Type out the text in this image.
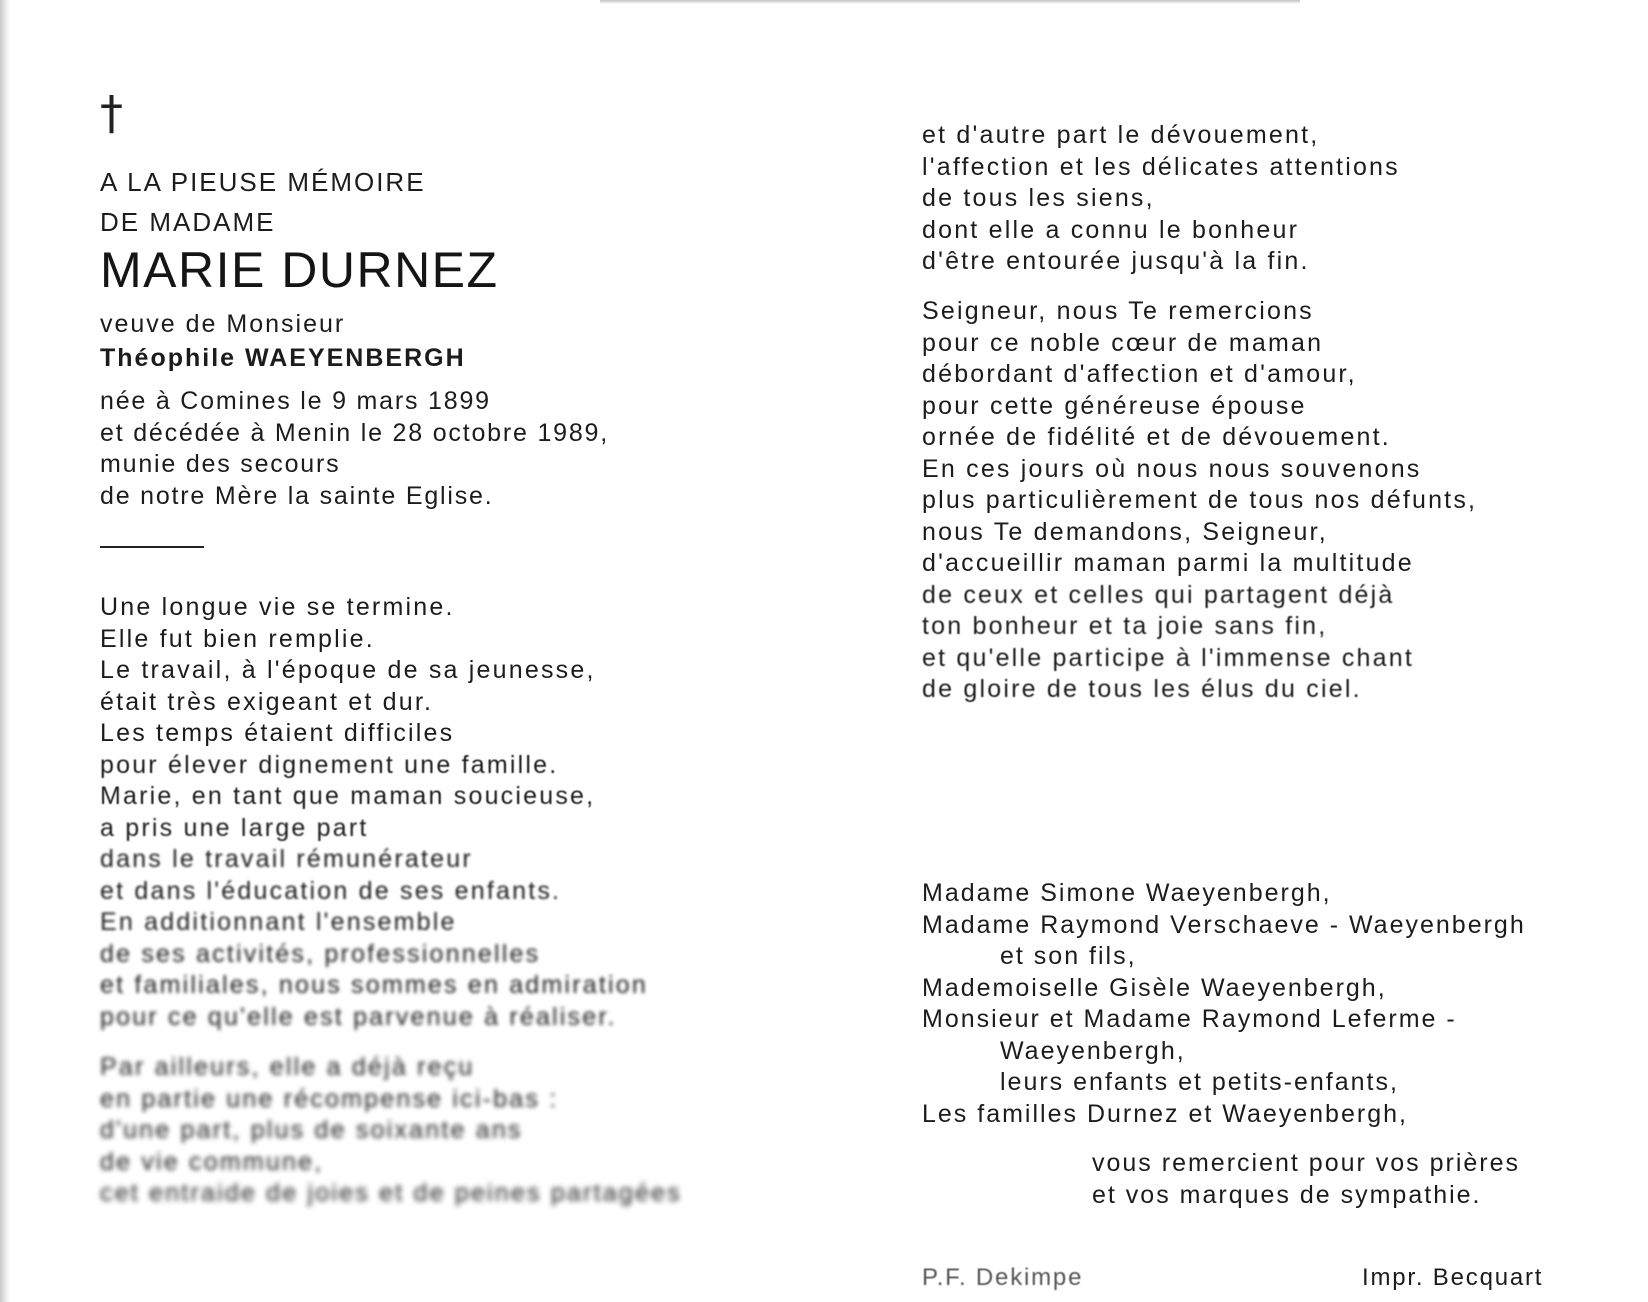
†
A LA PIEUSE MÉMOIRE
DE MADAME
MARIE DURNEZ
veuve de Monsieur
Théophile WAEYENBERGH
née à Comines le 9 mars 1899
et décédée à Menin le 28 octobre 1989,
munie des secours
de notre Mère la sainte Eglise.
Une longue vie se termine.
Elle fut bien remplie.
Le travail, à l'époque de sa jeunesse,
était très exigeant et dur.
Les temps étaient difficiles
pour élever dignement une famille.
Marie, en tant que maman soucieuse,
a pris une large part
dans le travail rémunérateur
et dans l'éducation de ses enfants.
En additionnant l'ensemble
de ses activités, professionnelles
et familiales, nous sommes en admiration
pour ce qu'elle est parvenue à réaliser.
Par ailleurs, elle a déjà reçu
en partie une récompense ici-bas :
d'une part, plus de soixante ans
de vie commune,
cet entraide de joies et de peines partagées
et d'autre part le dévouement,
l'affection et les délicates attentions
de tous les siens,
dont elle a connu le bonheur
d'être entourée jusqu'à la fin.
Seigneur, nous Te remercions
pour ce noble cœur de maman
débordant d'affection et d'amour,
pour cette généreuse épouse
ornée de fidélité et de dévouement.
En ces jours où nous nous souvenons
plus particulièrement de tous nos défunts,
nous Te demandons, Seigneur,
d'accueillir maman parmi la multitude
de ceux et celles qui partagent déjà
ton bonheur et ta joie sans fin,
et qu'elle participe à l'immense chant
de gloire de tous les élus du ciel.
Madame Simone Waeyenbergh,
Madame Raymond Verschaeve - Waeyenbergh
et son fils,
Mademoiselle Gisèle Waeyenbergh,
Monsieur et Madame Raymond Leferme -
Waeyenbergh,
leurs enfants et petits-enfants,
Les familles Durnez et Waeyenbergh,
vous remercient pour vos prières
et vos marques de sympathie.
P.F. Dekimpe	Impr. Becquart
